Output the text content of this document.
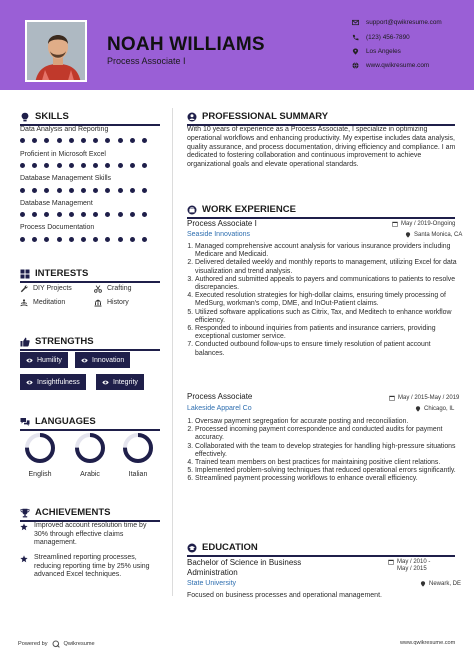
NOAH WILLIAMS
Process Associate I
support@qwikresume.com
(123) 456-7890
Los Angeles
www.qwikresume.com
SKILLS
Data Analysis and Reporting
Proficient in Microsoft Excel
Database Management Skills
Database Management
Process Documentation
INTERESTS
DIY Projects	Crafting
Meditation	History
STRENGTHS
Humility	Innovation
Insightfulness	Integrity
LANGUAGES
English	Arabic	Italian
ACHIEVEMENTS
Improved account resolution time by 30% through effective claims management.
Streamlined reporting processes, reducing reporting time by 25% using advanced Excel techniques.
PROFESSIONAL SUMMARY
With 10 years of experience as a Process Associate, I specialize in optimizing operational workflows and enhancing productivity. My expertise includes data analysis, quality assurance, and process documentation, driving efficiency and compliance. I am dedicated to fostering collaboration and continuous improvement to achieve organizational goals and elevate operational standards.
WORK EXPERIENCE
Process Associate I	May / 2019-Ongoing
Seaside Innovations	Santa Monica, CA
1. Managed comprehensive account analysis for various insurance providers including Medicare and Medicaid.
2. Delivered detailed weekly and monthly reports to management, utilizing Excel for data visualization and trend analysis.
3. Authored and submitted appeals to payers and communications to patients to resolve discrepancies.
4. Executed resolution strategies for high-dollar claims, ensuring timely processing of MedSurg, workman's comp, DME, and InOut-Patient claims.
5. Utilized software applications such as Citrix, Tax, and Meditech to enhance workflow efficiency.
6. Responded to inbound inquiries from patients and insurance carriers, providing exceptional customer service.
7. Conducted outbound follow-ups to ensure timely resolution of patient account balances.
Process Associate	May / 2015-May / 2019
Lakeside Apparel Co	Chicago, IL
1. Oversaw payment segregation for accurate posting and reconciliation.
2. Processed incoming payment correspondence and conducted audits for payment accuracy.
3. Collaborated with the team to develop strategies for handling high-pressure situations effectively.
4. Trained team members on best practices for maintaining positive client relations.
5. Implemented problem-solving techniques that reduced operational errors significantly.
6. Streamlined payment processing workflows to enhance overall efficiency.
EDUCATION
Bachelor of Science in Business Administration
May / 2010 -
May / 2015
State University	Newark, DE
Focused on business processes and operational management.
Powered by	Qwikresume	www.qwikresume.com
